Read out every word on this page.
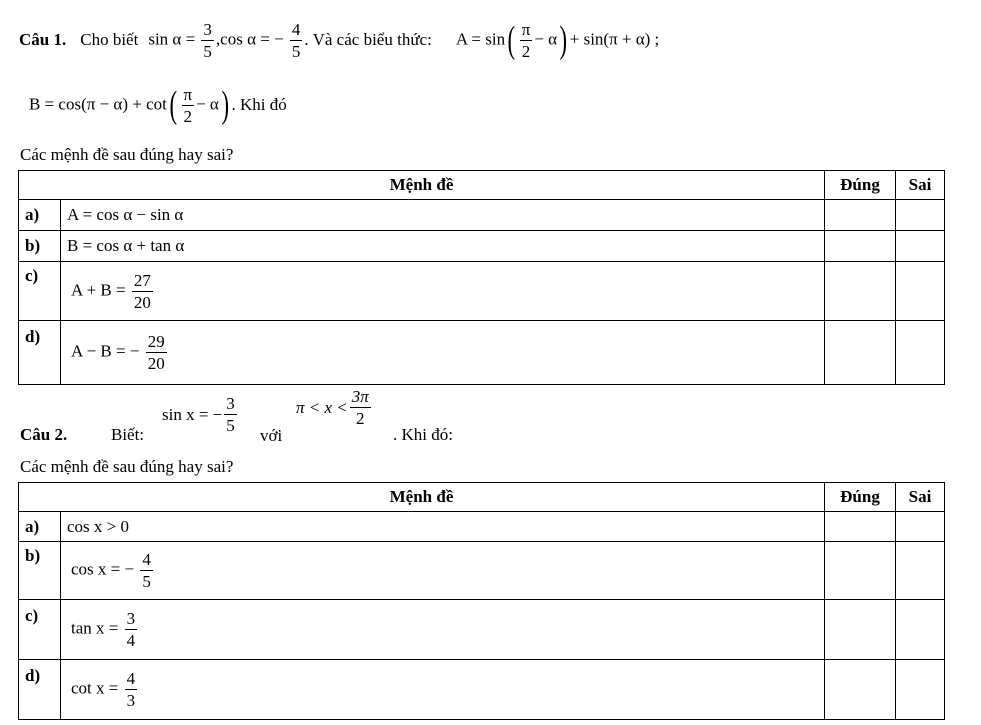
Câu 1. Cho biết $\sin \alpha = \frac{3}{5}$ , cos α = − $\frac{4}{5}$ . Và các biểu thức: $A = \sin( \frac{\pi}{2} - \alpha) + \sin(\pi + \alpha)$ ;
$B = \cos(\pi - \alpha) + \cot( \frac{\pi}{2} - \alpha)$ . Khi đó
Các mệnh đề sau đúng hay sai?
Mệnh đề		Đúng	Sai
a)	A = cos α − sin α		
b)	B = cos α + tan α		
c)	$A + B = \frac{27}{20}$

d)	A − B = − $\frac{29}{20}$

Câu 2.	Biết:
sin x = − $\frac{3}{5}$
với
$\pi < x < \frac{3\pi}{2}$
. Khi đó:
Các mệnh đề sau đúng hay sai?
Mệnh đề		Đúng	Sai
a)	cos x > 0		
b)	cos x = − $\frac{4}{5}$

c)	$\tan x = \frac{3}{4}$

d)	$\cot x = \frac{4}{3}$
